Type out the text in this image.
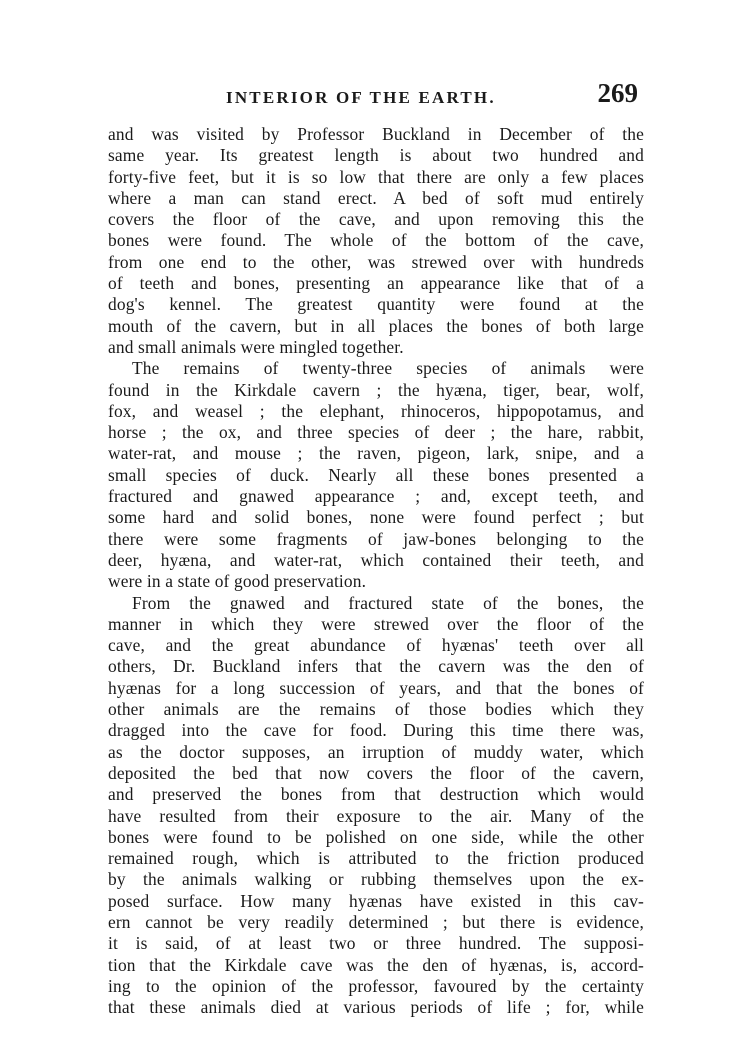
INTERIOR OF THE EARTH.	269

and was visited by Professor Buckland in December of the
same year. Its greatest length is about two hundred and
forty-five feet, but it is so low that there are only a few places
where a man can stand erect. A bed of soft mud entirely
covers the floor of the cave, and upon removing this the
bones were found. The whole of the bottom of the cave,
from one end to the other, was strewed over with hundreds
of teeth and bones, presenting an appearance like that of a
dog's kennel. The greatest quantity were found at the
mouth of the cavern, but in all places the bones of both large
and small animals were mingled together.

The remains of twenty-three species of animals were
found in the Kirkdale cavern ; the hyæna, tiger, bear, wolf,
fox, and weasel ; the elephant, rhinoceros, hippopotamus, and
horse ; the ox, and three species of deer ; the hare, rabbit,
water-rat, and mouse ; the raven, pigeon, lark, snipe, and a
small species of duck. Nearly all these bones presented a
fractured and gnawed appearance ; and, except teeth, and
some hard and solid bones, none were found perfect ; but
there were some fragments of jaw-bones belonging to the
deer, hyæna, and water-rat, which contained their teeth, and
were in a state of good preservation.

From the gnawed and fractured state of the bones, the
manner in which they were strewed over the floor of the
cave, and the great abundance of hyænas' teeth over all
others, Dr. Buckland infers that the cavern was the den of
hyænas for a long succession of years, and that the bones of
other animals are the remains of those bodies which they
dragged into the cave for food. During this time there was,
as the doctor supposes, an irruption of muddy water, which
deposited the bed that now covers the floor of the cavern,
and preserved the bones from that destruction which would
have resulted from their exposure to the air. Many of the
bones were found to be polished on one side, while the other
remained rough, which is attributed to the friction produced
by the animals walking or rubbing themselves upon the ex-
posed surface. How many hyænas have existed in this cav-
ern cannot be very readily determined ; but there is evidence,
it is said, of at least two or three hundred. The supposi-
tion that the Kirkdale cave was the den of hyænas, is, accord-
ing to the opinion of the professor, favoured by the certainty
that these animals died at various periods of life ; for, while
